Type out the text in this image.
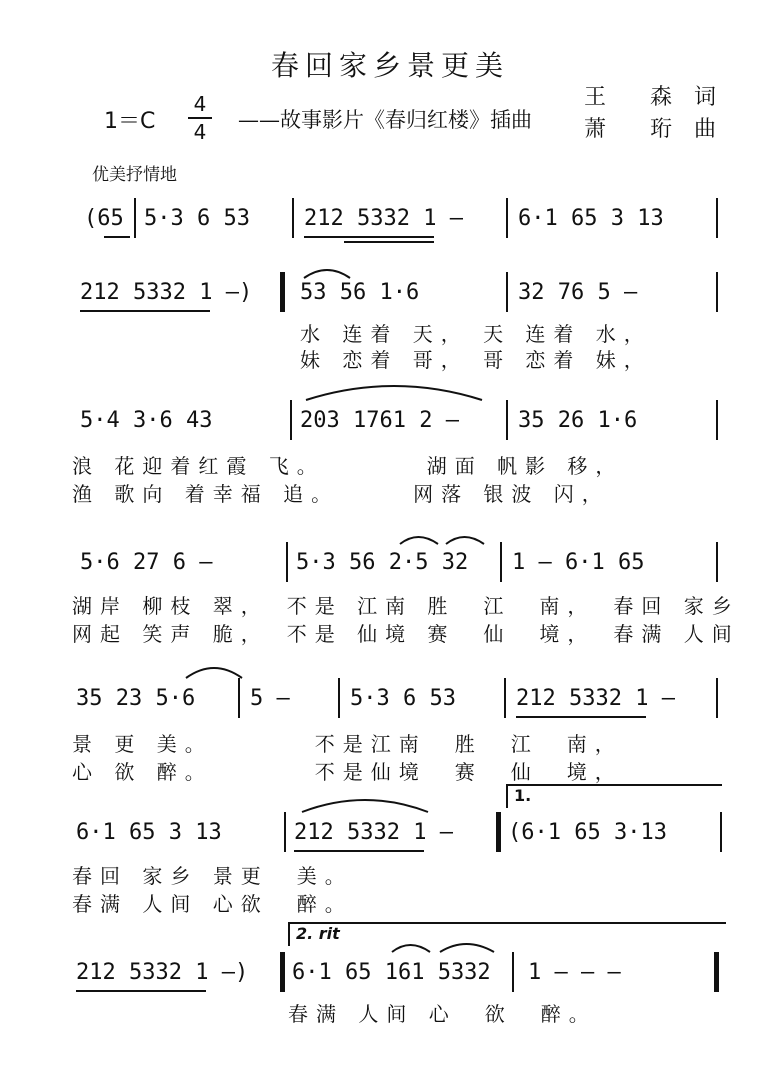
春回家乡景更美
1＝C
4
4 ——故事影片《春归红楼》插曲
王　　森　 词
萧　　珩　 曲
优美抒情地
(65 5·3 6 53 212 5332 1 —	6·1 65 3 13
212 5332 1 —) 53 56 1·6	32 76 5 —
水 连着 天， 天 连着 水，
妹 恋着 哥， 哥 恋着 妹，
5·4 3·6 43	203 1761 2 —	35 26 1·6
浪 花迎着红霞 飞。　　　　湖面 帆影 移，
渔 歌向 着幸福 追。　　　网落 银波 闪，
5·6 27 6 —	5·3 56 2·5 32 1 — 6·1 65
湖岸 柳枝 翠，　不是 江南 胜　江　南，　春回 家乡
网起 笑声 脆，　不是 仙境 赛　仙　境，　春满 人间
35 23 5·6 5 —	5·3 6 53	212 5332 1 —
景 更 美。　　　　不是江南　胜　江　南，
心 欲 醉。　　　　不是仙境　赛　仙　境，
1.
6·1 65 3 13	212 5332 1 —	(6·1 65 3·13
春回 家乡 景更　美。
春满 人间 心欲　醉。
2. rit
212 5332 1 —) 6·1 65 161 5332 1 — — —
春满 人间 心　欲　醉。
